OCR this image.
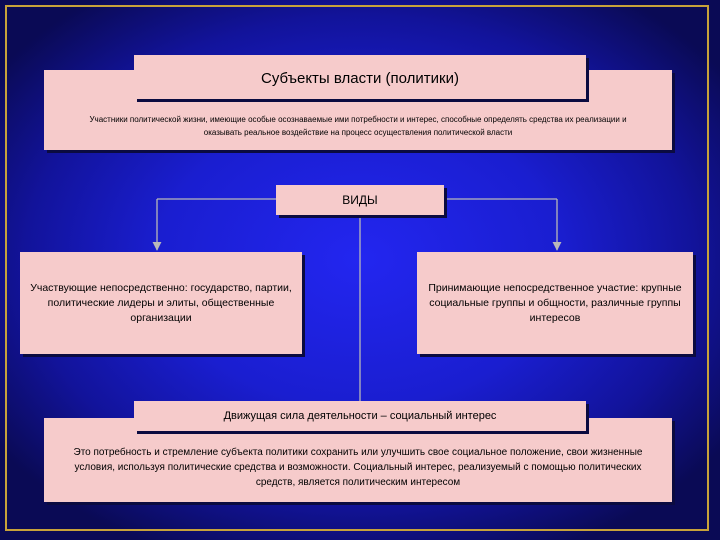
Участники политической жизни, имеющие особые осознаваемые ими потребности и интерес, способные определять средства их реализации и оказывать реальное воздействие на процесс осуществления политической власти
Субъекты власти (политики)
ВИДЫ
Участвующие непосредственно: государство, партии, политические лидеры и элиты, общественные организации
Принимающие непосредственное участие: крупные социальные группы и общности, различные группы интересов
Это потребность и стремление субъекта политики сохранить или улучшить свое социальное положение, свои жизненные условия, используя политические средства и возможности. Социальный интерес, реализуемый с помощью политических средств, является политическим интересом
Движущая сила деятельности – социальный интерес
